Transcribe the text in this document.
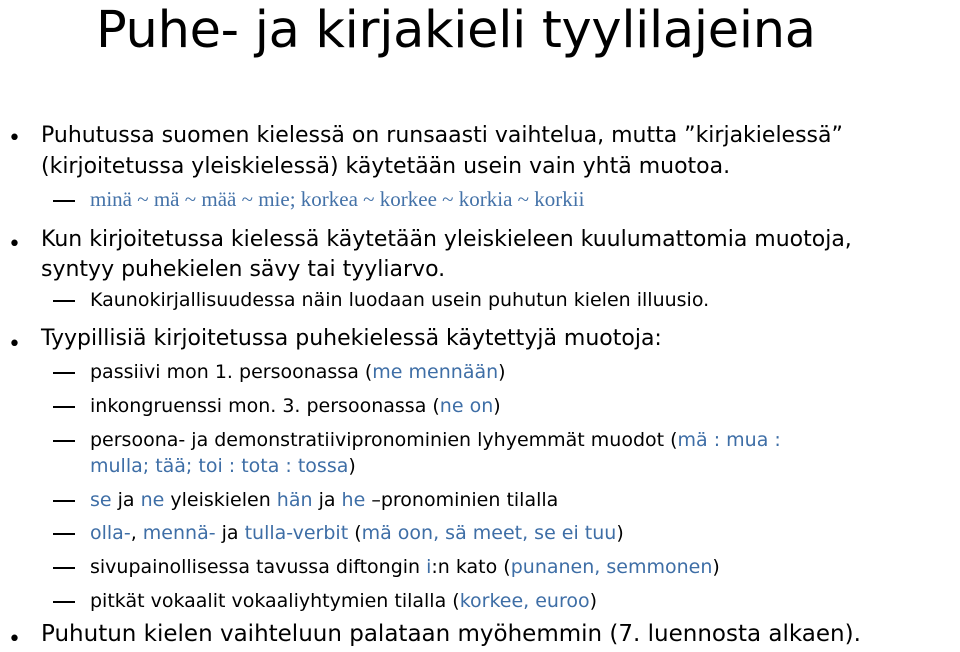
Puhe- ja kirjakieli tyylilajeina
• Puhutussa suomen kielessä on runsaasti vaihtelua, mutta ”kirjakielessä”
(kirjoitetussa yleiskielessä) käytetään usein vain yhtä muotoa.
minä ~ mä ~ mää ~ mie; korkea ~ korkee ~ korkia ~ korkii
• Kun kirjoitetussa kielessä käytetään yleiskieleen kuulumattomia muotoja,
syntyy puhekielen sävy tai tyyliarvo.
Kaunokirjallisuudessa näin luodaan usein puhutun kielen illuusio.
• Tyypillisiä kirjoitetussa puhekielessä käytettyjä muotoja:
passiivi mon 1. persoonassa (me mennään)
inkongruenssi mon. 3. persoonassa (ne on)
persoona- ja demonstratiivipronominien lyhyemmät muodot (mä : mua :
mulla; tää; toi : tota : tossa)
se ja ne yleiskielen hän ja he –pronominien tilalla
olla-, mennä- ja tulla-verbit (mä oon, sä meet, se ei tuu)
sivupainollisessa tavussa diftongin i:n kato (punanen, semmonen)
pitkät vokaalit vokaaliyhtymien tilalla (korkee, euroo)
• Puhutun kielen vaihteluun palataan myöhemmin (7. luennosta alkaen).
